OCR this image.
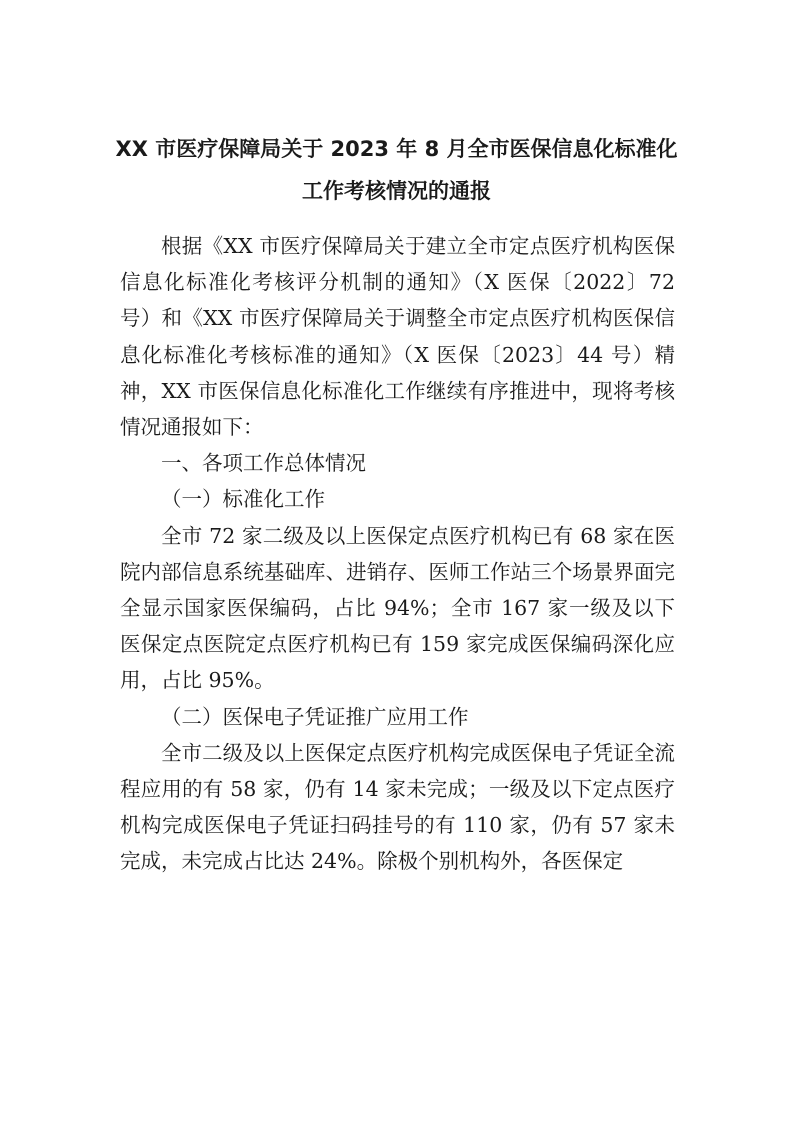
XX 市医疗保障局关于 2023 年 8 月全市医保信息化标准化工作考核情况的通报

根据《XX 市医疗保障局关于建立全市定点医疗机构医保信息化标准化考核评分机制的通知》（X 医保〔2022〕72 号）和《XX 市医疗保障局关于调整全市定点医疗机构医保信息化标准化考核标准的通知》（X 医保〔2023〕44 号）精神，XX 市医保信息化标准化工作继续有序推进中，现将考核情况通报如下：

一、各项工作总体情况

（一）标准化工作

全市 72 家二级及以上医保定点医疗机构已有 68 家在医院内部信息系统基础库、进销存、医师工作站三个场景界面完全显示国家医保编码，占比 94%；全市 167 家一级及以下医保定点医院定点医疗机构已有 159 家完成医保编码深化应用，占比 95%。

（二）医保电子凭证推广应用工作

全市二级及以上医保定点医疗机构完成医保电子凭证全流程应用的有 58 家，仍有 14 家未完成；一级及以下定点医疗机构完成医保电子凭证扫码挂号的有 110 家，仍有 57 家未完成，未完成占比达 24%。除极个别机构外，各医保定
